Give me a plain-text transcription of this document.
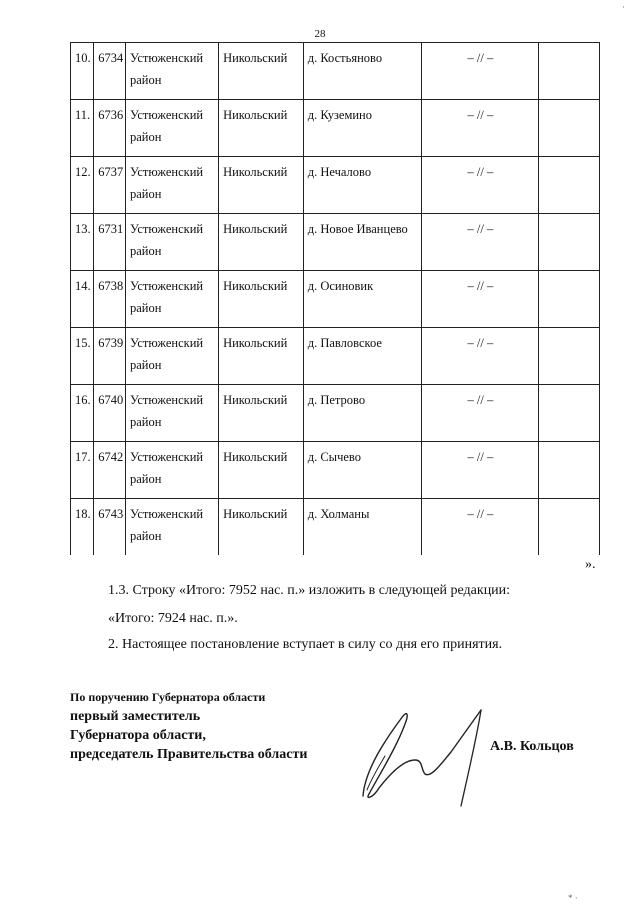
·
28
10.	6734	Устюженский район	Никольский	д. Костьяново	– // –	
11.	6736	Устюженский район	Никольский	д. Куземино	– // –	
12.	6737	Устюженский район	Никольский	д. Нечалово	– // –	
13.	6731	Устюженский район	Никольский	д. Новое Иванцево	– // –	
14.	6738	Устюженский район	Никольский	д. Осиновик	– // –	
15.	6739	Устюженский район	Никольский	д. Павловское	– // –	
16.	6740	Устюженский район	Никольский	д. Петрово	– // –	
17.	6742	Устюженский район	Никольский	д. Сычево	– // –	
18.	6743	Устюженский район	Никольский	д. Холманы	– // –	
».
1.3. Строку «Итого: 7952 нас. п.» изложить в следующей редакции:
«Итого: 7924 нас. п.».
2. Настоящее постановление вступает в силу со дня его принятия.
По поручению Губернатора области
первый заместитель
Губернатора области,
председатель Правительства области
А.В. Кольцов
* ·
